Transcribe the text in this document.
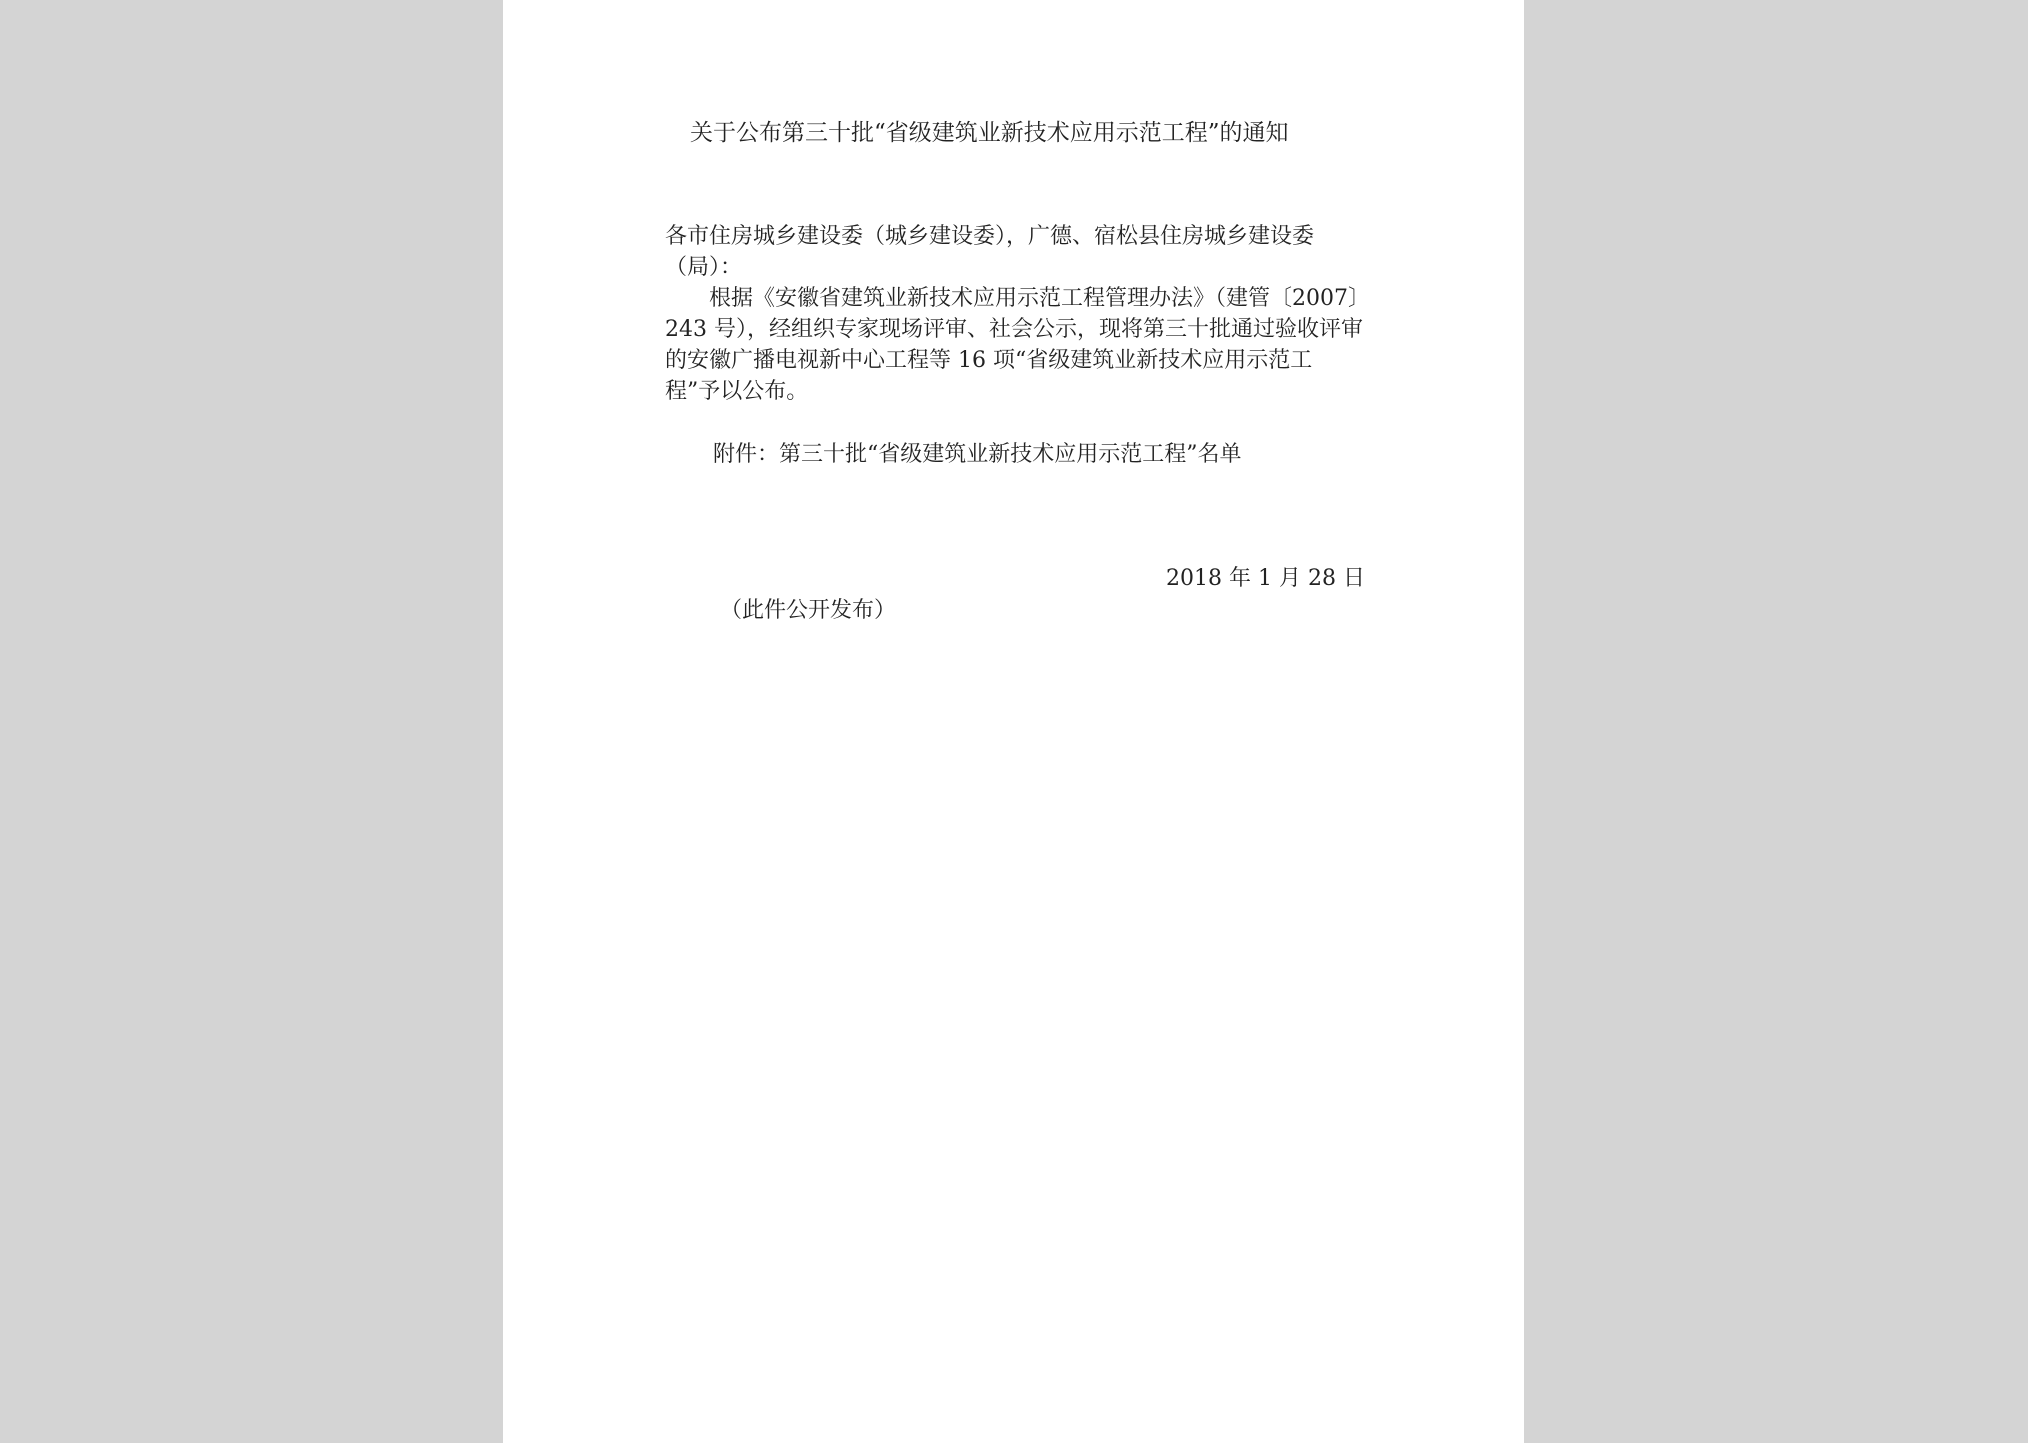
关于公布第三十批“省级建筑业新技术应用示范工程”的通知
各市住房城乡建设委（城乡建设委），广德、宿松县住房城乡建设委（局）：
根据《安徽省建筑业新技术应用示范工程管理办法》（建管〔2007〕243 号），经组织专家现场评审、社会公示，现将第三十批通过验收评审的安徽广播电视新中心工程等 16 项“省级建筑业新技术应用示范工程”予以公布。
附件：第三十批“省级建筑业新技术应用示范工程”名单
2018 年 1 月 28 日
（此件公开发布）
